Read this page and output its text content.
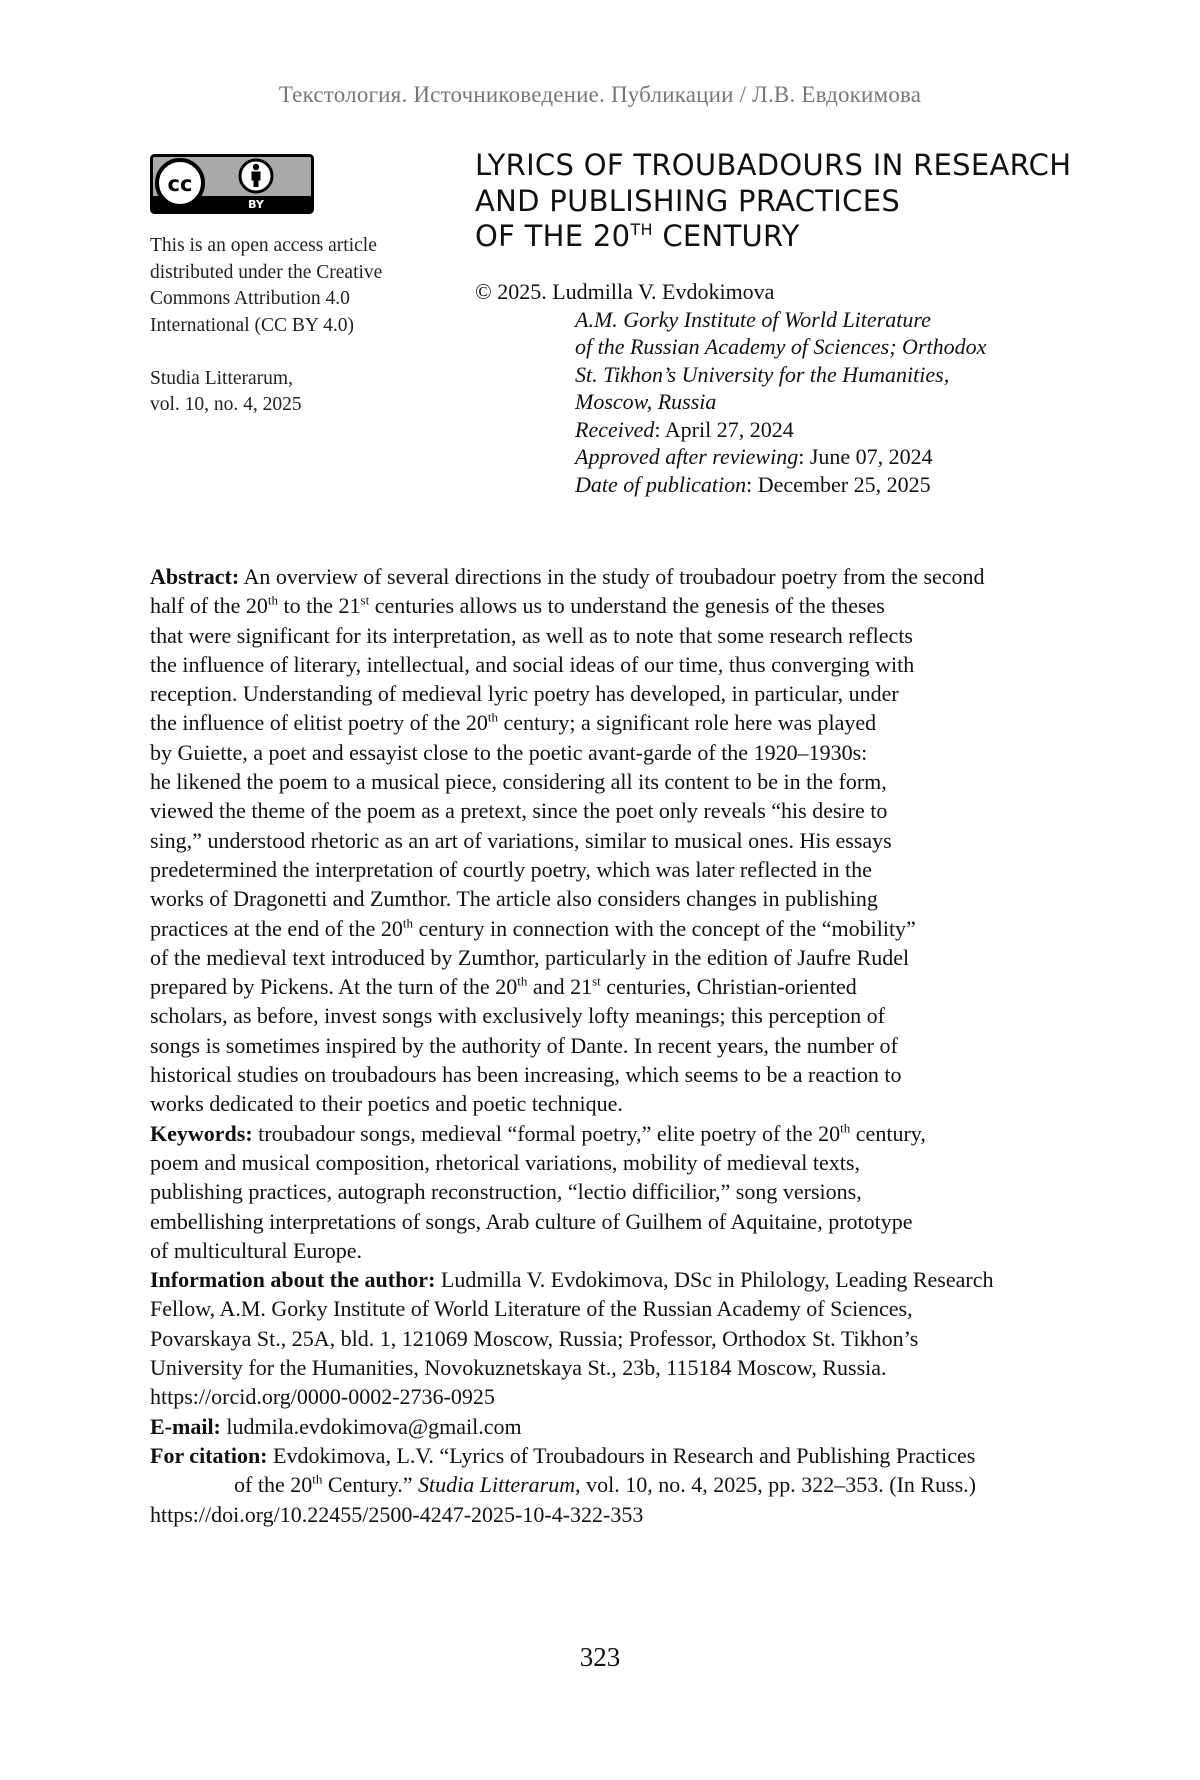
Текстология. Источниковедение. Публикации / Л.В. Евдокимова
cc
BY

This is an open access article
distributed under the Creative
Commons Attribution 4.0
International (CC BY 4.0)

Studia Litterarum,
vol. 10, no. 4, 2025

LYRICS OF TROUBADOURS IN RESEARCH
AND PUBLISHING PRACTICES
OF THE 20TH CENTURY
© 2025. Ludmilla V. Evdokimova
A.M. Gorky Institute of World Literature
of the Russian Academy of Sciences; Orthodox
St. Tikhon’s University for the Humanities,
Moscow, Russia
Received: April 27, 2024
Approved after reviewing: June 07, 2024
Date of publication: December 25, 2025

Abstract: An overview of several directions in the study of troubadour poetry from the second
half of the 20th to the 21st centuries allows us to understand the genesis of the theses
that were significant for its interpretation, as well as to note that some research reflects
the influence of literary, intellectual, and social ideas of our time, thus converging with
reception. Understanding of medieval lyric poetry has developed, in particular, under
the influence of elitist poetry of the 20th century; a significant role here was played
by Guiette, a poet and essayist close to the poetic avant-garde of the 1920–1930s:
he likened the poem to a musical piece, considering all its content to be in the form,
viewed the theme of the poem as a pretext, since the poet only reveals “his desire to
sing,” understood rhetoric as an art of variations, similar to musical ones. His essays
predetermined the interpretation of courtly poetry, which was later reflected in the
works of Dragonetti and Zumthor. The article also considers changes in publishing
practices at the end of the 20th century in connection with the concept of the “mobility”
of the medieval text introduced by Zumthor, particularly in the edition of Jaufre Rudel
prepared by Pickens. At the turn of the 20th and 21st centuries, Christian-oriented
scholars, as before, invest songs with exclusively lofty meanings; this perception of
songs is sometimes inspired by the authority of Dante. In recent years, the number of
historical studies on troubadours has been increasing, which seems to be a reaction to
works dedicated to their poetics and poetic technique.

Keywords: troubadour songs, medieval “formal poetry,” elite poetry of the 20th century,
poem and musical composition, rhetorical variations, mobility of medieval texts,
publishing practices, autograph reconstruction, “lectio difficilior,” song versions,
embellishing interpretations of songs, Arab culture of Guilhem of Aquitaine, prototype
of multicultural Europe.

Information about the author: Ludmilla V. Evdokimova, DSc in Philology, Leading Research
Fellow, A.M. Gorky Institute of World Literature of the Russian Academy of Sciences,
Povarskaya St., 25A, bld. 1, 121069 Moscow, Russia; Professor, Orthodox St. Tikhon’s
University for the Humanities, Novokuznetskaya St., 23b, 115184 Moscow, Russia.
https://orcid.org/0000-0002-2736-0925

E-mail: ludmila.evdokimova@gmail.com

For citation: Evdokimova, L.V. “Lyrics of Troubadours in Research and Publishing Practices
of the 20th Century.” Studia Litterarum, vol. 10, no. 4, 2025, pp. 322–353. (In Russ.)
https://doi.org/10.22455/2500-4247-2025-10-4-322-353

323
